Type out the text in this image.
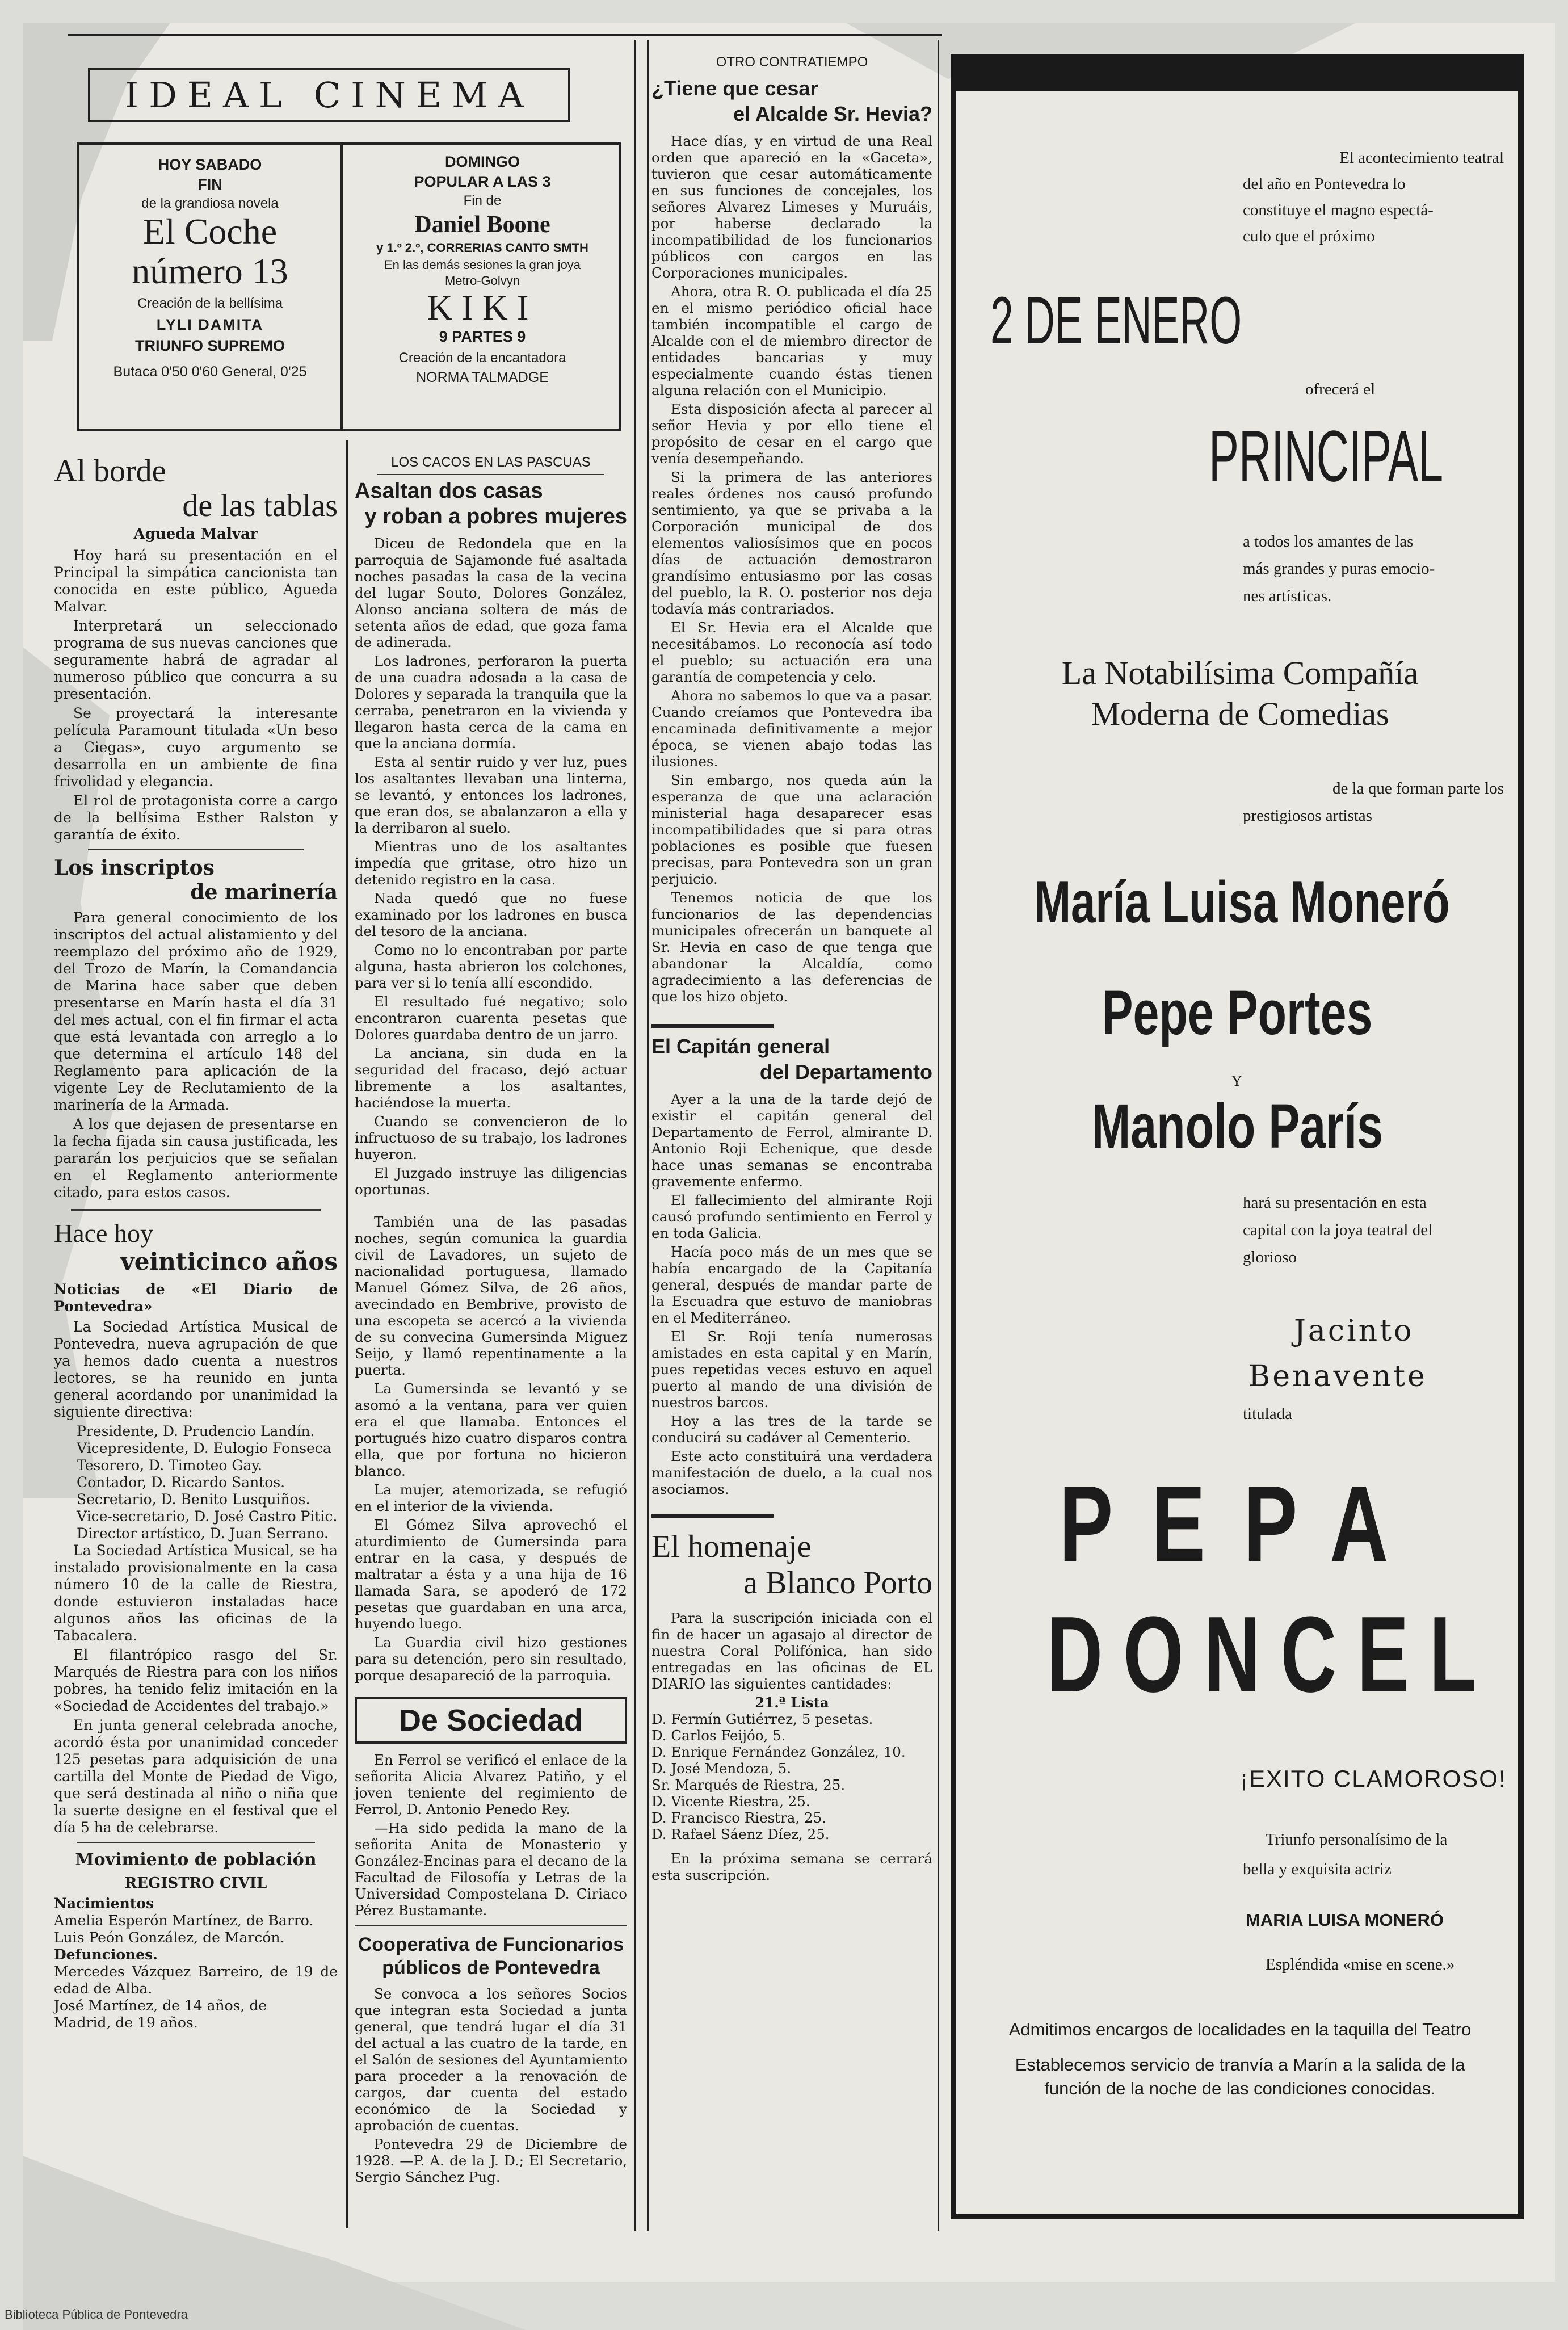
IDEAL CINEMA
HOY SABADO
FIN
de la grandiosa novela
El Coche
número 13
Creación de la bellísima
LYLI DAMITA
TRIUNFO SUPREMO
Butaca 0'50 0'60 General, 0'25
DOMINGO
POPULAR A LAS 3
Fin de
Daniel Boone
y 1.º 2.º, CORRERIAS CANTO SMTH
En las demás sesiones la gran joya
Metro-Golvyn
KIKI
9 PARTES 9
Creación de la encantadora
NORMA TALMADGE
Al borde
de las tablas
Agueda Malvar

Hoy hará su presentación en el Principal la simpática cancionista tan conocida en este público, Agueda Malvar.

Interpretará un seleccionado programa de sus nuevas canciones que seguramente habrá de agradar al numeroso público que concurra a su presentación.

Se proyectará la interesante película Paramount titulada «Un beso a Ciegas», cuyo argumento se desarrolla en un ambiente de fina frivolidad y elegancia.

El rol de protagonista corre a cargo de la bellísima Esther Ralston y garantía de éxito.

Los inscriptos
de marinería

Para general conocimiento de los inscriptos del actual alistamiento y del reemplazo del próximo año de 1929, del Trozo de Marín, la Comandancia de Marina hace saber que deben presentarse en Marín hasta el día 31 del mes actual, con el fin firmar el acta que está levantada con arreglo a lo que determina el artículo 148 del Reglamento para aplicación de la vigente Ley de Reclutamiento de la marinería de la Armada.

A los que dejasen de presentarse en la fecha fijada sin causa justificada, les pararán los perjuicios que se señalan en el Reglamento anteriormente citado, para estos casos.

Hace hoy
veinticinco años
Noticias de «El Diario de Pontevedra»

La Sociedad Artística Musical de Pontevedra, nueva agrupación de que ya hemos dado cuenta a nuestros lectores, se ha reunido en junta general acordando por unanimidad la siguiente directiva:

Presidente, D. Prudencio Landín.
Vicepresidente, D. Eulogio Fonseca
Tesorero, D. Timoteo Gay.
Contador, D. Ricardo Santos.
Secretario, D. Benito Lusquiños.
Vice-secretario, D. José Castro Pitic.
Director artístico, D. Juan Serrano.

La Sociedad Artística Musical, se ha instalado provisionalmente en la casa número 10 de la calle de Riestra, donde estuvieron instaladas hace algunos años las oficinas de la Tabacalera.

El filantrópico rasgo del Sr. Marqués de Riestra para con los niños pobres, ha tenido feliz imitación en la «Sociedad de Accidentes del trabajo.»

En junta general celebrada anoche, acordó ésta por unanimidad conceder 125 pesetas para adquisición de una cartilla del Monte de Piedad de Vigo, que será destinada al niño o niña que la suerte designe en el festival que el día 5 ha de celebrarse.

Movimiento de población
REGISTRO CIVIL
Nacimientos
Amelia Esperón Martínez, de Barro.
Luis Peón González, de Marcón.
Defunciones.
Mercedes Vázquez Barreiro, de 19 de edad de Alba.
José Martínez, de 14 años, de
Madrid, de 19 años.
LOS CACOS EN LAS PASCUAS
Asaltan dos casas
y roban a pobres mujeres

Diceu de Redondela que en la parroquia de Sajamonde fué asaltada noches pasadas la casa de la vecina del lugar Souto, Dolores González, Alonso anciana soltera de más de setenta años de edad, que goza fama de adinerada.

Los ladrones, perforaron la puerta de una cuadra adosada a la casa de Dolores y separada la tranquila que la cerraba, penetraron en la vivienda y llegaron hasta cerca de la cama en que la anciana dormía.

Esta al sentir ruido y ver luz, pues los asaltantes llevaban una linterna, se levantó, y entonces los ladrones, que eran dos, se abalanzaron a ella y la derribaron al suelo.

Mientras uno de los asaltantes impedía que gritase, otro hizo un detenido registro en la casa.

Nada quedó que no fuese examinado por los ladrones en busca del tesoro de la anciana.

Como no lo encontraban por parte alguna, hasta abrieron los colchones, para ver si lo tenía allí escondido.

El resultado fué negativo; solo encontraron cuarenta pesetas que Dolores guardaba dentro de un jarro.

La anciana, sin duda en la seguridad del fracaso, dejó actuar libremente a los asaltantes, haciéndose la muerta.

Cuando se convencieron de lo infructuoso de su trabajo, los ladrones huyeron.

El Juzgado instruye las diligencias oportunas.

También una de las pasadas noches, según comunica la guardia civil de Lavadores, un sujeto de nacionalidad portuguesa, llamado Manuel Gómez Silva, de 26 años, avecindado en Bembrive, provisto de una escopeta se acercó a la vivienda de su convecina Gumersinda Miguez Seijo, y llamó repentinamente a la puerta.

La Gumersinda se levantó y se asomó a la ventana, para ver quien era el que llamaba. Entonces el portugués hizo cuatro disparos contra ella, que por fortuna no hicieron blanco.

La mujer, atemorizada, se refugió en el interior de la vivienda.

El Gómez Silva aprovechó el aturdimiento de Gumersinda para entrar en la casa, y después de maltratar a ésta y a una hija de 16 llamada Sara, se apoderó de 172 pesetas que guardaban en una arca, huyendo luego.

La Guardia civil hizo gestiones para su detención, pero sin resultado, porque desapareció de la parroquia.

De Sociedad

En Ferrol se verificó el enlace de la señorita Alicia Alvarez Patiño, y el joven teniente del regimiento de Ferrol, D. Antonio Penedo Rey.

—Ha sido pedida la mano de la señorita Anita de Monasterio y González-Encinas para el decano de la Facultad de Filosofía y Letras de la Universidad Compostelana D. Ciriaco Pérez Bustamante.

Cooperativa de Funcionarios
públicos de Pontevedra

Se convoca a los señores Socios que integran esta Sociedad a junta general, que tendrá lugar el día 31 del actual a las cuatro de la tarde, en el Salón de sesiones del Ayuntamiento para proceder a la renovación de cargos, dar cuenta del estado económico de la Sociedad y aprobación de cuentas.

Pontevedra 29 de Diciembre de 1928. —P. A. de la J. D.; El Secretario, Sergio Sánchez Pug.

OTRO CONTRATIEMPO
¿Tiene que cesar
el Alcalde Sr. Hevia?

Hace días, y en virtud de una Real orden que apareció en la «Gaceta», tuvieron que cesar automáticamente en sus funciones de concejales, los señores Alvarez Limeses y Muruáis, por haberse declarado la incompatibilidad de los funcionarios públicos con cargos en las Corporaciones municipales.

Ahora, otra R. O. publicada el día 25 en el mismo periódico oficial hace también incompatible el cargo de Alcalde con el de miembro director de entidades bancarias y muy especialmente cuando éstas tienen alguna relación con el Municipio.

Esta disposición afecta al parecer al señor Hevia y por ello tiene el propósito de cesar en el cargo que venía desempeñando.

Si la primera de las anteriores reales órdenes nos causó profundo sentimiento, ya que se privaba a la Corporación municipal de dos elementos valiosísimos que en pocos días de actuación demostraron grandísimo entusiasmo por las cosas del pueblo, la R. O. posterior nos deja todavía más contrariados.

El Sr. Hevia era el Alcalde que necesitábamos. Lo reconocía así todo el pueblo; su actuación era una garantía de competencia y celo.

Ahora no sabemos lo que va a pasar. Cuando creíamos que Pontevedra iba encaminada definitivamente a mejor época, se vienen abajo todas las ilusiones.

Sin embargo, nos queda aún la esperanza de que una aclaración ministerial haga desaparecer esas incompatibilidades que si para otras poblaciones es posible que fuesen precisas, para Pontevedra son un gran perjuicio.

Tenemos noticia de que los funcionarios de las dependencias municipales ofrecerán un banquete al Sr. Hevia en caso de que tenga que abandonar la Alcaldía, como agradecimiento a las deferencias de que los hizo objeto.

El Capitán general
del Departamento

Ayer a la una de la tarde dejó de existir el capitán general del Departamento de Ferrol, almirante D. Antonio Roji Echenique, que desde hace unas semanas se encontraba gravemente enfermo.

El fallecimiento del almirante Roji causó profundo sentimiento en Ferrol y en toda Galicia.

Hacía poco más de un mes que se había encargado de la Capitanía general, después de mandar parte de la Escuadra que estuvo de maniobras en el Mediterráneo.

El Sr. Roji tenía numerosas amistades en esta capital y en Marín, pues repetidas veces estuvo en aquel puerto al mando de una división de nuestros barcos.

Hoy a las tres de la tarde se conducirá su cadáver al Cementerio.

Este acto constituirá una verdadera manifestación de duelo, a la cual nos asociamos.

El homenaje
a Blanco Porto

Para la suscripción iniciada con el fin de hacer un agasajo al director de nuestra Coral Polifónica, han sido entregadas en las oficinas de EL DIARIO las siguientes cantidades:

21.ª Lista
D. Fermín Gutiérrez, 5 pesetas.
D. Carlos Feijóo, 5.
D. Enrique Fernández González, 10.
D. José Mendoza, 5.
Sr. Marqués de Riestra, 25.
D. Vicente Riestra, 25.
D. Francisco Riestra, 25.
D. Rafael Sáenz Díez, 25.

En la próxima semana se cerrará esta suscripción.

El acontecimiento teatral
del año en Pontevedra lo
constituye el magno espectá-
culo que el próximo
2 DE ENERO
ofrecerá el
PRINCIPAL
a todos los amantes de las
más grandes y puras emocio-
nes artísticas.
La Notabilísima Compañía
Moderna de Comedias
de la que forman parte los
prestigiosos artistas
María Luisa Moneró
Pepe Portes
Y
Manolo París
hará su presentación en esta
capital con la joya teatral del
glorioso
Jacinto
Benavente
titulada
PEPA
DONCEL
¡EXITO CLAMOROSO!
Triunfo personalísimo de la
bella y exquisita actriz
MARIA LUISA MONERÓ
Espléndida «mise en scene.»
Admitimos encargos de localidades en la taquilla del Teatro
Establecemos servicio de tranvía a Marín a la salida de la
función de la noche de las condiciones conocidas.
Biblioteca Pública de Pontevedra
